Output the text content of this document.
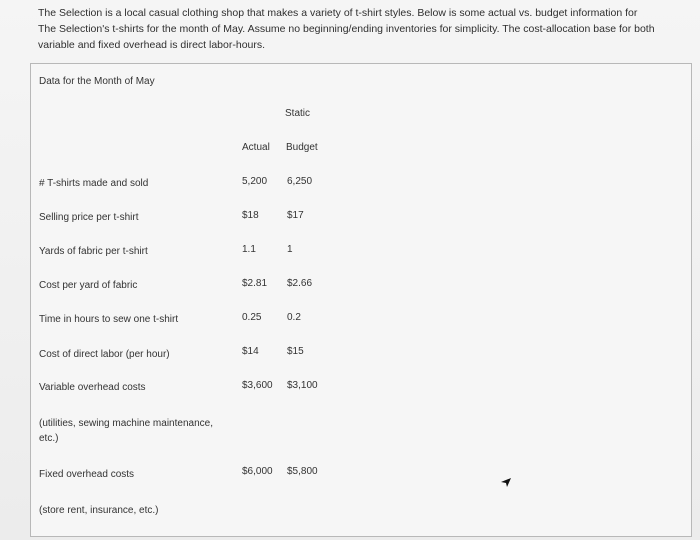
The Selection is a local casual clothing shop that makes a variety of t-shirt styles. Below is some actual vs. budget information for The Selection's t-shirts for the month of May. Assume no beginning/ending inventories for simplicity. The cost-allocation base for both variable and fixed overhead is direct labor-hours.

Data for the Month of May
Static
Actual Budget
# T-shirts made and sold	5,200 6,250
Selling price per t-shirt	$18	$17
Yards of fabric per t-shirt	1.1	1
Cost per yard of fabric	$2.81 $2.66
Time in hours to sew one t-shirt	0.25	0.2
Cost of direct labor (per hour)	$14	$15
Variable overhead costs	$3,600 $3,100
(utilities, sewing machine maintenance, etc.)
Fixed overhead costs	$6,000 $5,800
(store rent, insurance, etc.)
